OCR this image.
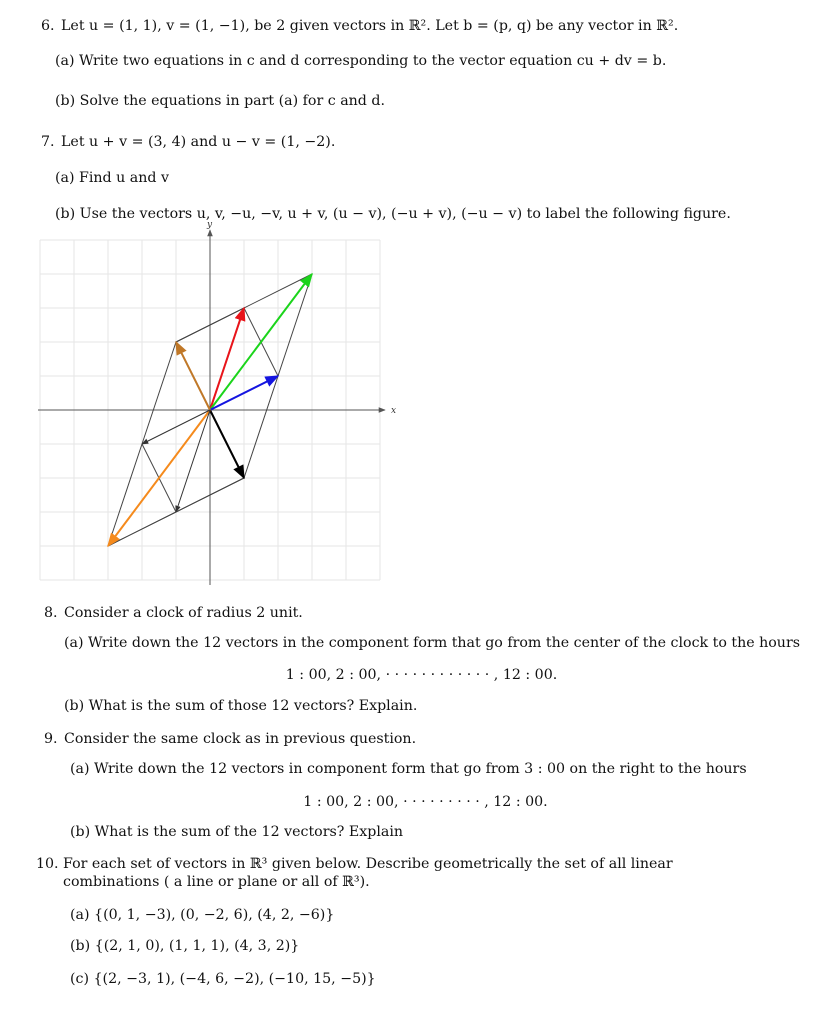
6. Let u = (1, 1), v = (1, −1), be 2 given vectors in ℝ². Let b = (p, q) be any vector in ℝ².
(a) Write two equations in c and d corresponding to the vector equation cu + dv = b.
(b) Solve the equations in part (a) for c and d.
7. Let u + v = (3, 4) and u − v = (1, −2).
(a) Find u and v
(b) Use the vectors u, v, −u, −v, u + v, (u − v), (−u + v), (−u − v) to label the following figure.
x
y
8. Consider a clock of radius 2 unit.
(a) Write down the 12 vectors in the component form that go from the center of the clock to the hours
1 : 00, 2 : 00, · · · · · · · · · · · · , 12 : 00.
(b) What is the sum of those 12 vectors? Explain.
9. Consider the same clock as in previous question.
(a) Write down the 12 vectors in component form that go from 3 : 00 on the right to the hours
1 : 00, 2 : 00, · · · · · · · · · , 12 : 00.
(b) What is the sum of the 12 vectors? Explain
10. For each set of vectors in ℝ³ given below. Describe geometrically the set of all linear combinations ( a line or plane or all of ℝ³).
(a) {(0, 1, −3), (0, −2, 6), (4, 2, −6)}
(b) {(2, 1, 0), (1, 1, 1), (4, 3, 2)}
(c) {(2, −3, 1), (−4, 6, −2), (−10, 15, −5)}
